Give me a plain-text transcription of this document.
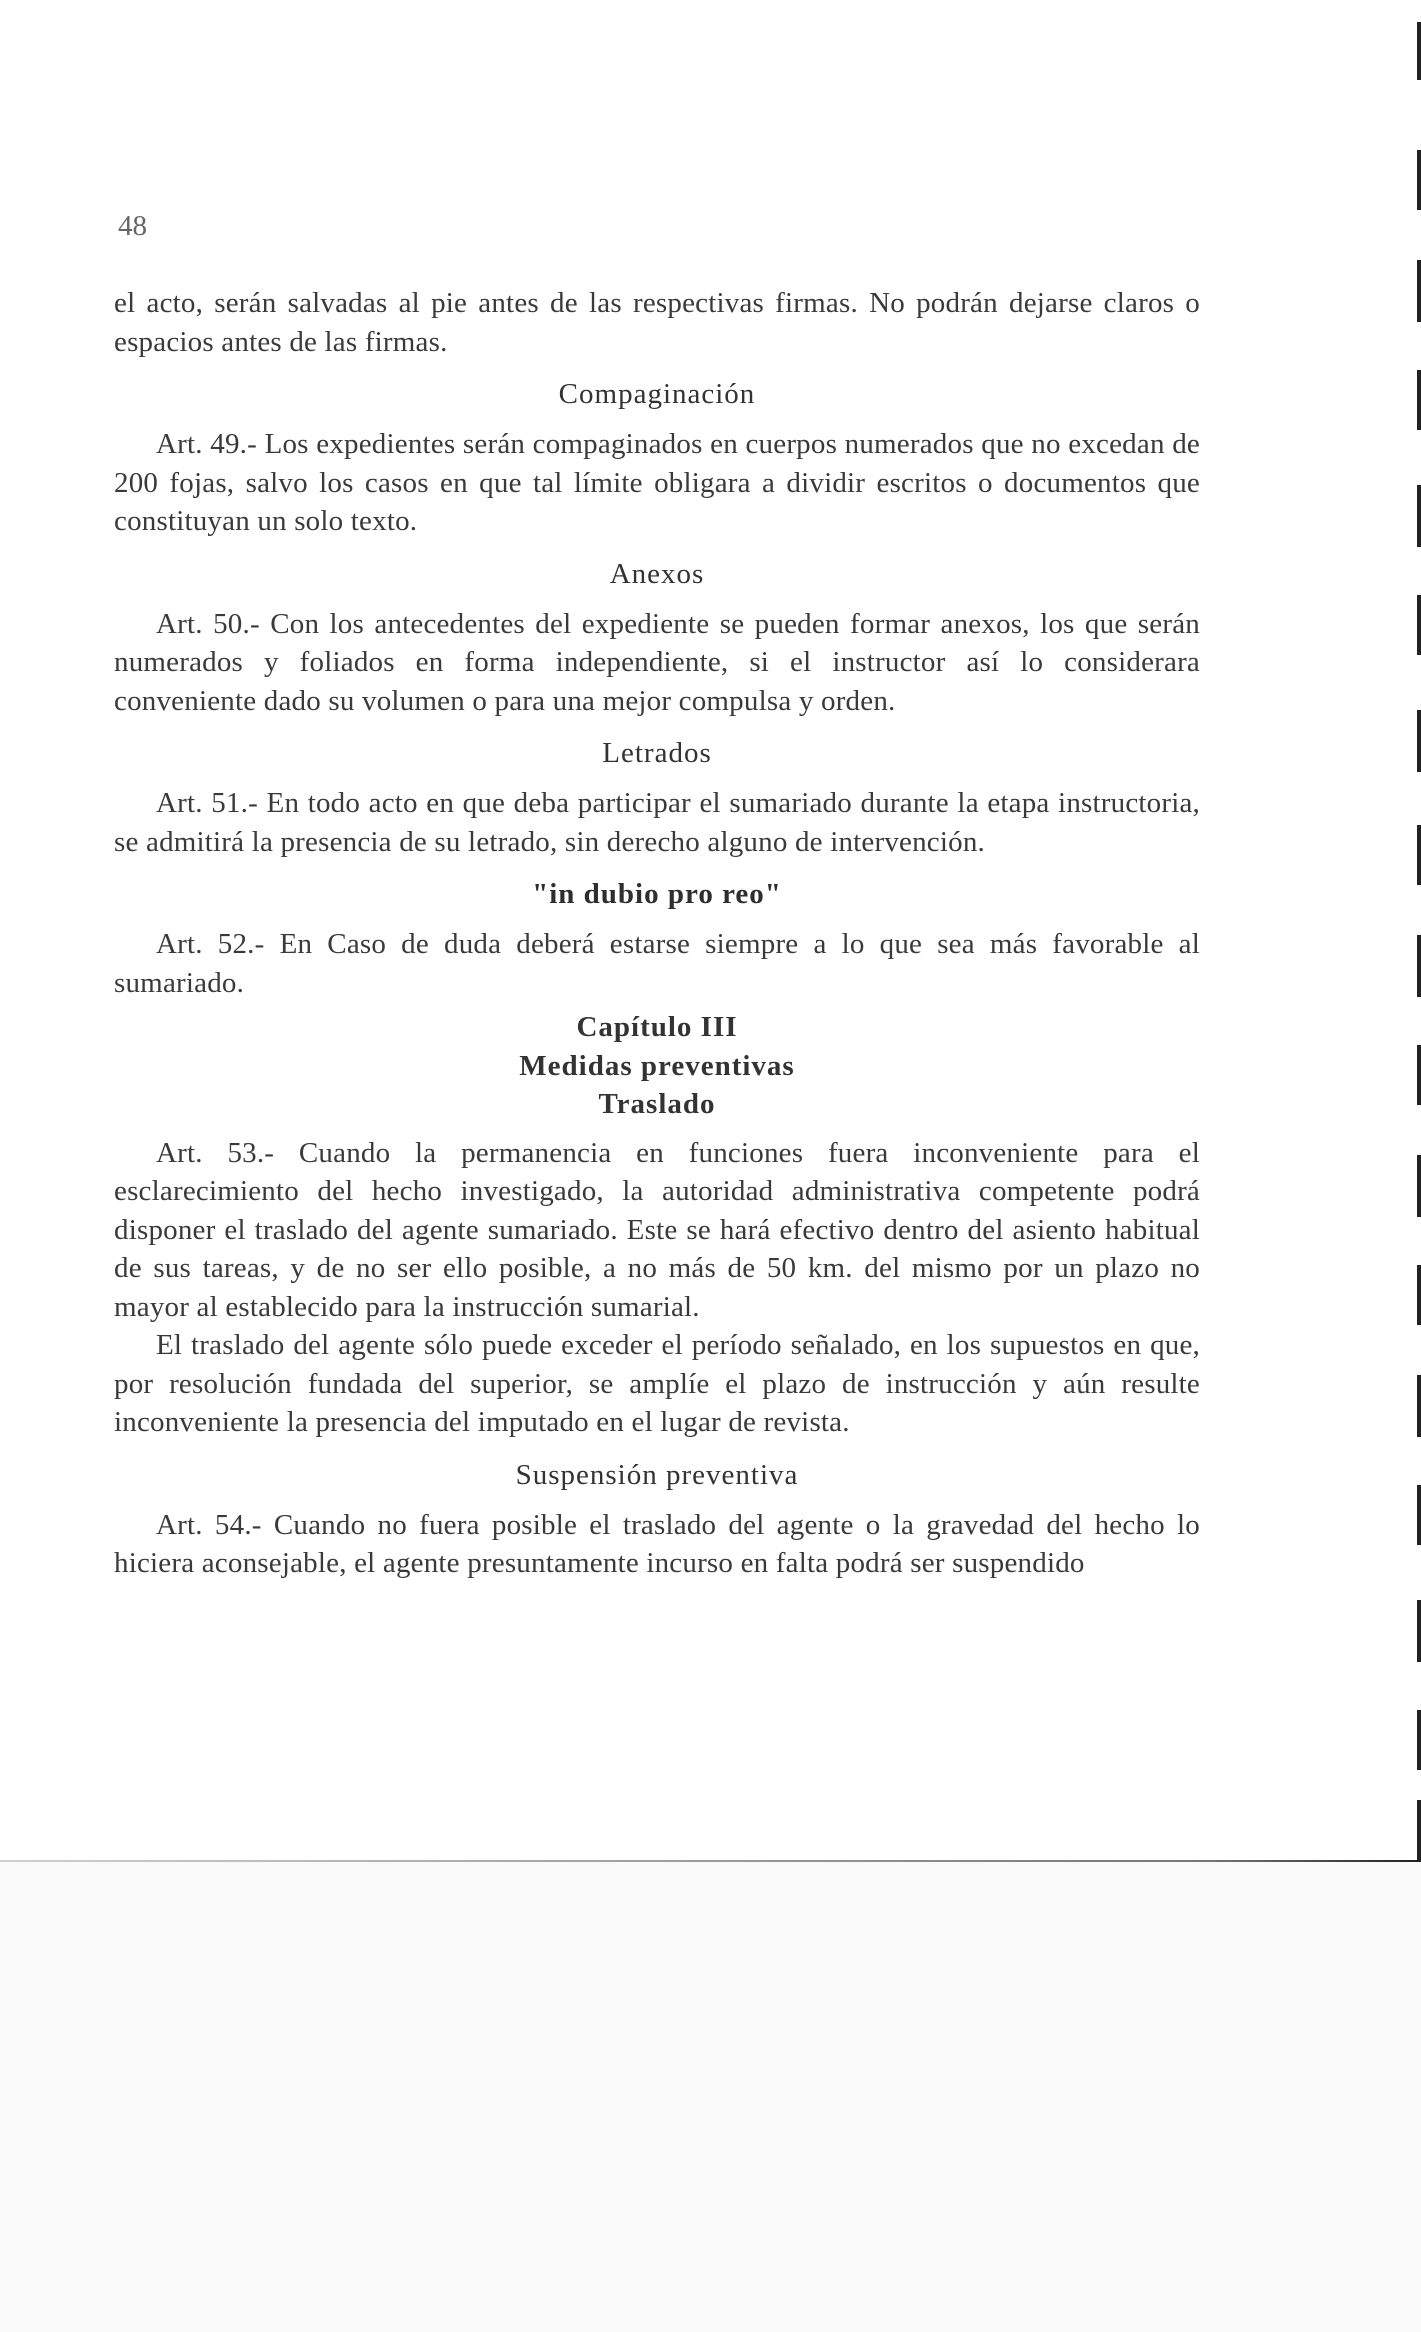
48

el acto, serán salvadas al pie antes de las respectivas firmas. No podrán dejarse claros o espacios antes de las firmas.

Compaginación

Art. 49.- Los expedientes serán compaginados en cuerpos numerados que no excedan de 200 fojas, salvo los casos en que tal límite obligara a dividir escritos o documentos que constituyan un solo texto.

Anexos

Art. 50.- Con los antecedentes del expediente se pueden formar anexos, los que serán numerados y foliados en forma independiente, si el instructor así lo considerara conveniente dado su volumen o para una mejor compulsa y orden.

Letrados

Art. 51.- En todo acto en que deba participar el sumariado durante la etapa instructoria, se admitirá la presencia de su letrado, sin derecho alguno de intervención.

"in dubio pro reo"

Art. 52.- En Caso de duda deberá estarse siempre a lo que sea más favorable al sumariado.

Capítulo III
Medidas preventivas
Traslado

Art. 53.- Cuando la permanencia en funciones fuera inconveniente para el esclarecimiento del hecho investigado, la autoridad administrativa competente podrá disponer el traslado del agente sumariado. Este se hará efectivo dentro del asiento habitual de sus tareas, y de no ser ello posible, a no más de 50 km. del mismo por un plazo no mayor al establecido para la instrucción sumarial.

El traslado del agente sólo puede exceder el período señalado, en los supuestos en que, por resolución fundada del superior, se amplíe el plazo de instrucción y aún resulte inconveniente la presencia del imputado en el lugar de revista.

Suspensión preventiva

Art. 54.- Cuando no fuera posible el traslado del agente o la gravedad del hecho lo hiciera aconsejable, el agente presuntamente incurso en falta podrá ser suspendido
